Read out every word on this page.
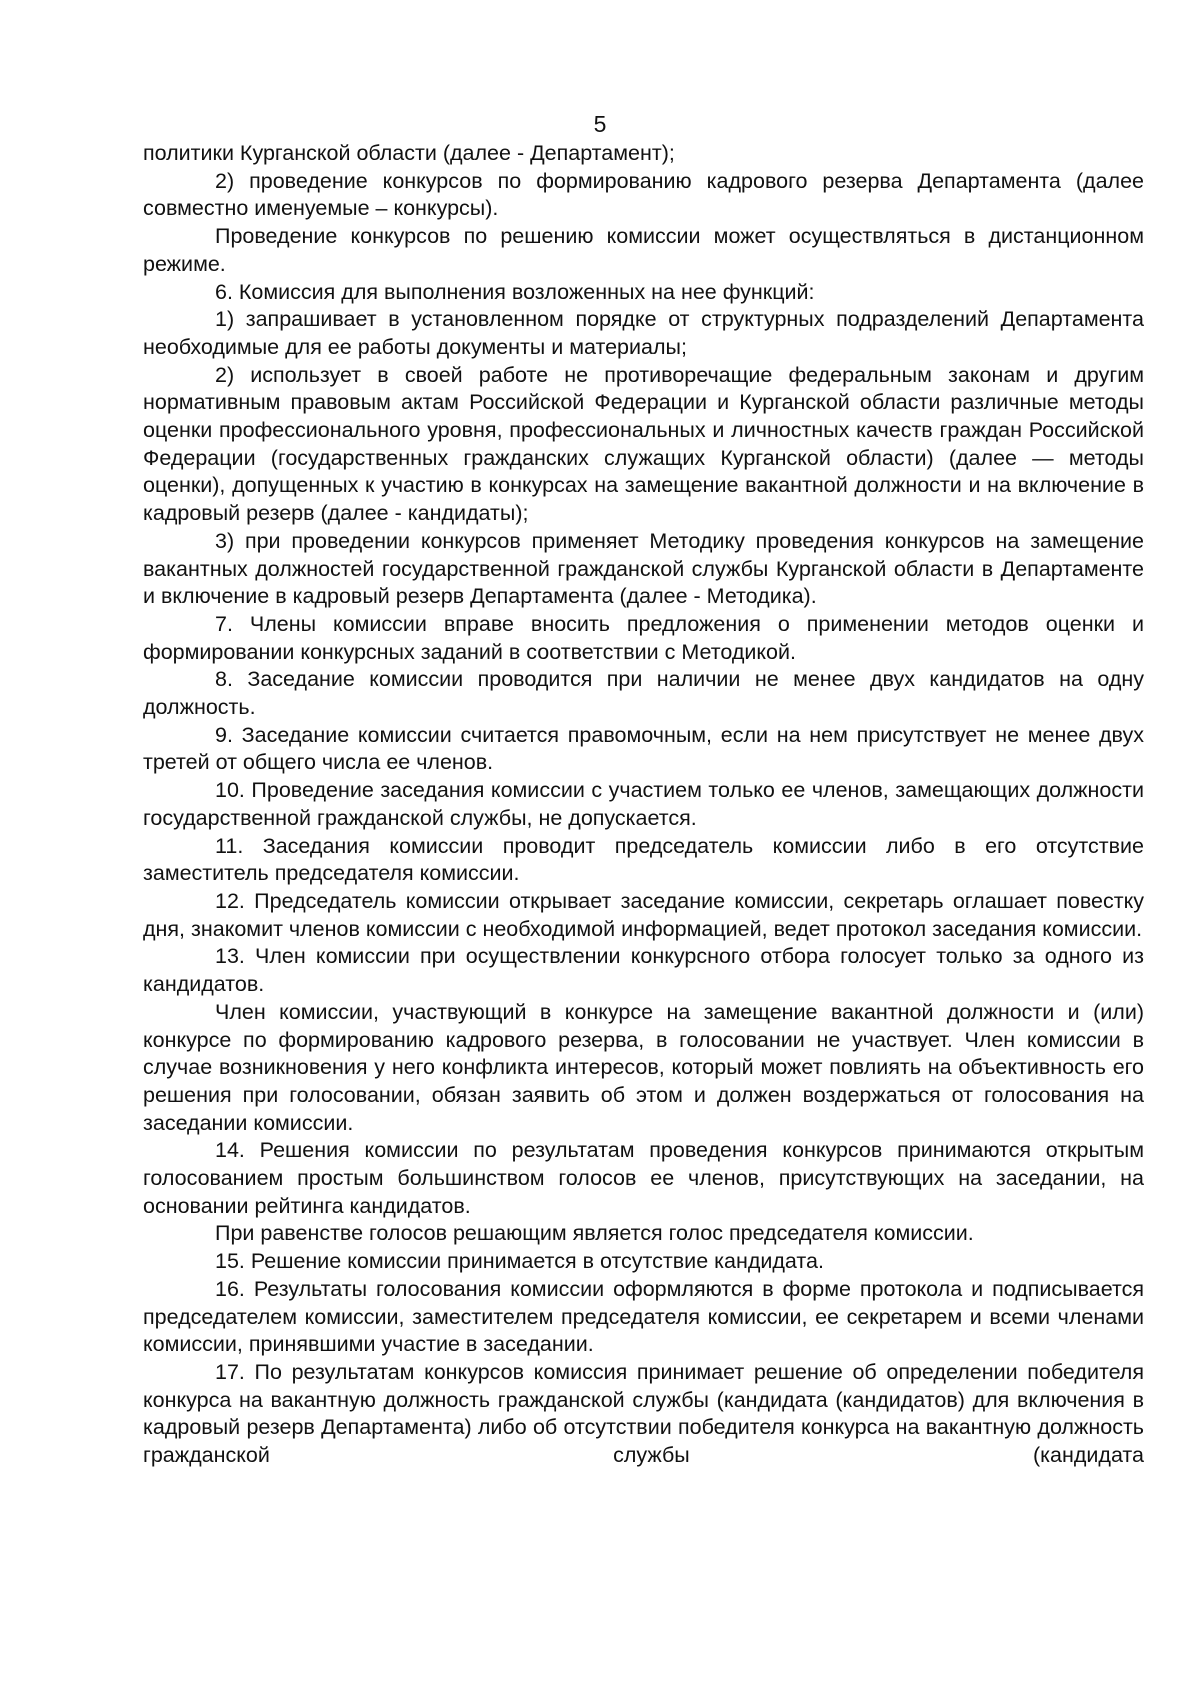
5

политики Курганской области (далее - Департамент);

2) проведение конкурсов по формированию кадрового резерва Департамента (далее совместно именуемые – конкурсы).

Проведение конкурсов по решению комиссии может осуществляться в дистанционном режиме.

6. Комиссия для выполнения возложенных на нее функций:

1) запрашивает в установленном порядке от структурных подразделений Департамента необходимые для ее работы документы и материалы;

2) использует в своей работе не противоречащие федеральным законам и другим нормативным правовым актам Российской Федерации и Курганской области различные методы оценки профессионального уровня, профессиональных и личностных качеств граждан Российской Федерации (государственных гражданских служащих Курганской области) (далее — методы оценки), допущенных к участию в конкурсах на замещение вакантной должности и на включение в кадровый резерв (далее - кандидаты);

3) при проведении конкурсов применяет Методику проведения конкурсов на замещение вакантных должностей государственной гражданской службы Курганской области в Департаменте и включение в кадровый резерв Департамента (далее - Методика).

7. Члены комиссии вправе вносить предложения о применении методов оценки и формировании конкурсных заданий в соответствии с Методикой.

8. Заседание комиссии проводится при наличии не менее двух кандидатов на одну должность.

9. Заседание комиссии считается правомочным, если на нем присутствует не менее двух третей от общего числа ее членов.

10. Проведение заседания комиссии с участием только ее членов, замещающих должности государственной гражданской службы, не допускается.

11. Заседания комиссии проводит председатель комиссии либо в его отсутствие заместитель председателя комиссии.

12. Председатель комиссии открывает заседание комиссии, секретарь оглашает повестку дня, знакомит членов комиссии с необходимой информацией, ведет протокол заседания комиссии.

13. Член комиссии при осуществлении конкурсного отбора голосует только за одного из кандидатов.

Член комиссии, участвующий в конкурсе на замещение вакантной должности и (или) конкурсе по формированию кадрового резерва, в голосовании не участвует. Член комиссии в случае возникновения у него конфликта интересов, который может повлиять на объективность его решения при голосовании, обязан заявить об этом и должен воздержаться от голосования на заседании комиссии.

14. Решения комиссии по результатам проведения конкурсов принимаются открытым голосованием простым большинством голосов ее членов, присутствующих на заседании, на основании рейтинга кандидатов.

При равенстве голосов решающим является голос председателя комиссии.

15. Решение комиссии принимается в отсутствие кандидата.

16. Результаты голосования комиссии оформляются в форме протокола и подписывается председателем комиссии, заместителем председателя комиссии, ее секретарем и всеми членами комиссии, принявшими участие в заседании.

17. По результатам конкурсов комиссия принимает решение об определении победителя конкурса на вакантную должность гражданской службы (кандидата (кандидатов) для включения в кадровый резерв Департамента) либо об отсутствии победителя конкурса на вакантную должность гражданской службы (кандидата
